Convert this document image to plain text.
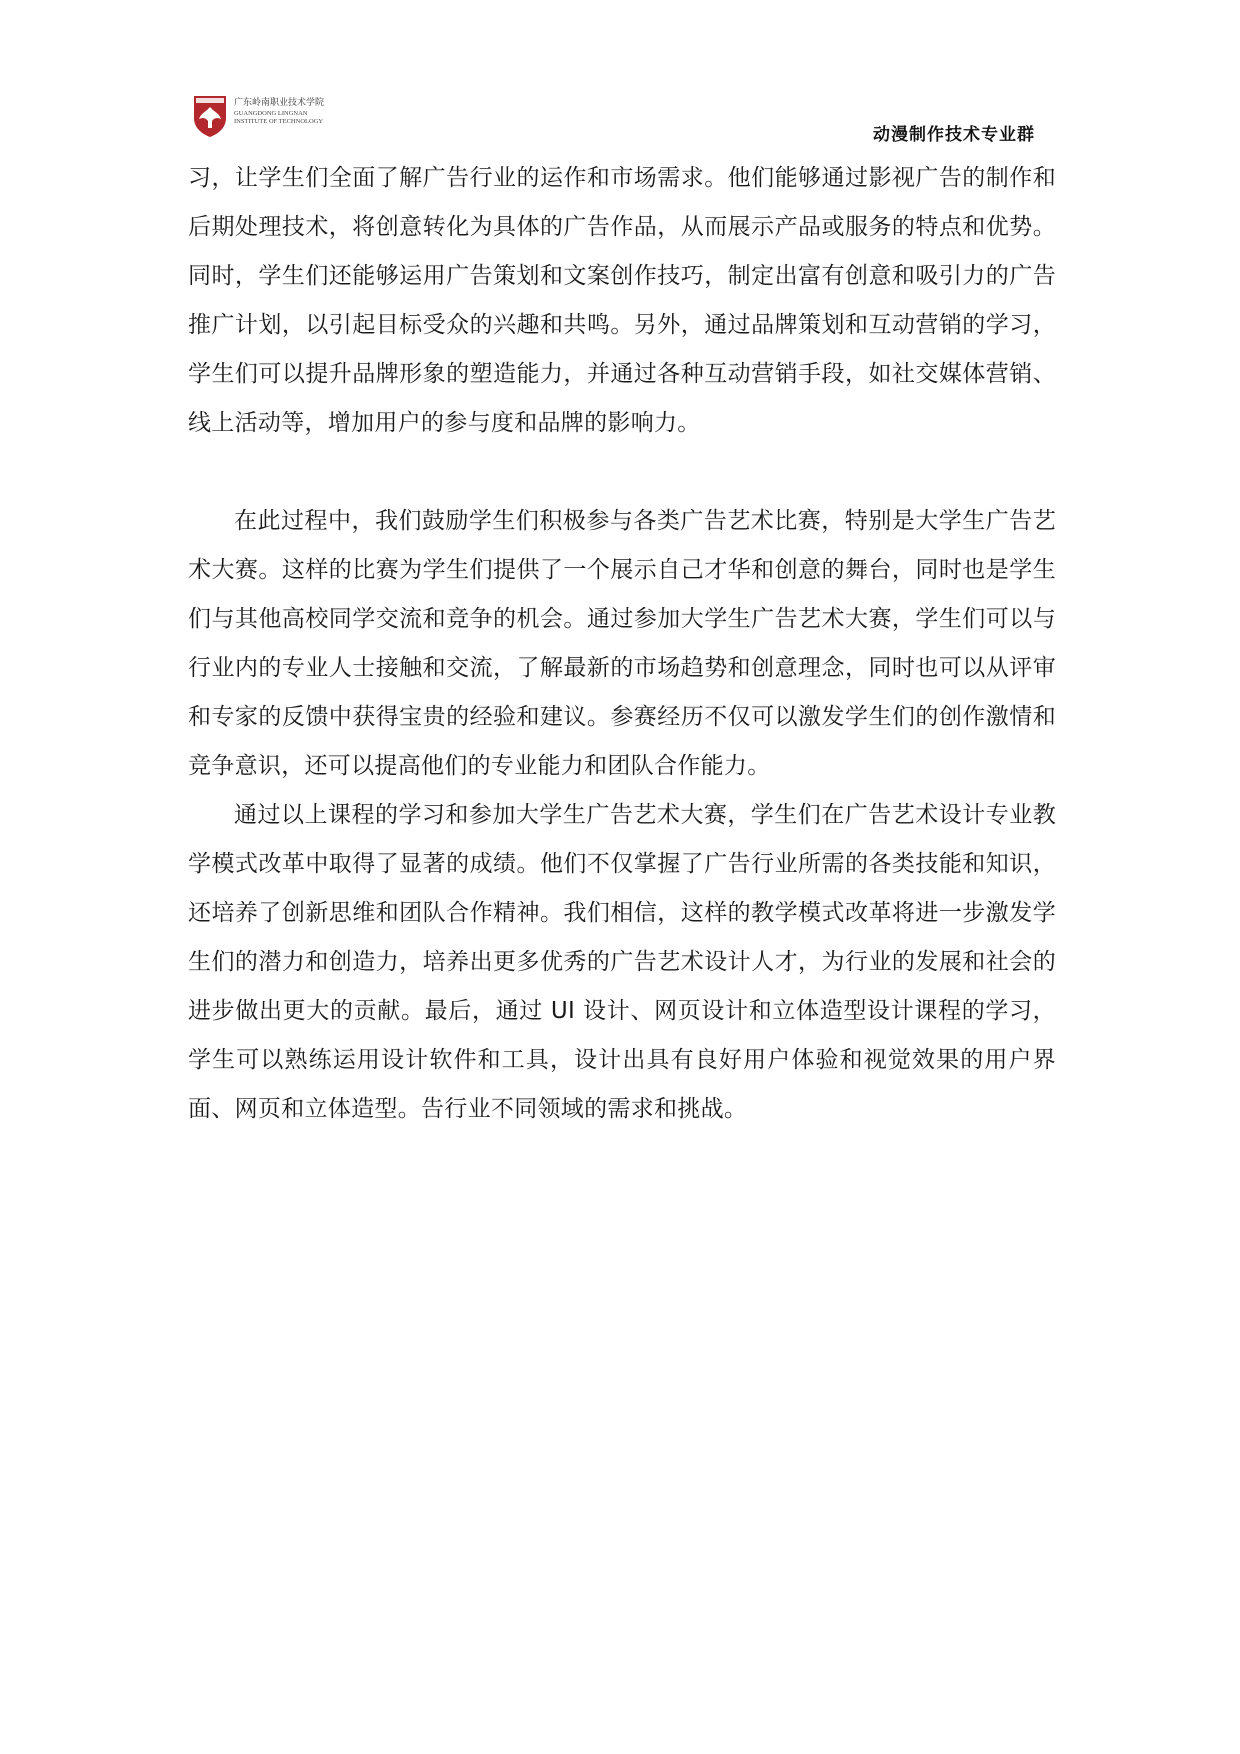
广东岭南职业技术学院
GUANGDONG LINGNAN
INSTITUTE OF TECHNOLOGY
动漫制作技术专业群

习，让学生们全面了解广告行业的运作和市场需求。他们能够通过影视广告的制作和后期处理技术，将创意转化为具体的广告作品，从而展示产品或服务的特点和优势。同时，学生们还能够运用广告策划和文案创作技巧，制定出富有创意和吸引力的广告推广计划，以引起目标受众的兴趣和共鸣。另外，通过品牌策划和互动营销的学习，学生们可以提升品牌形象的塑造能力，并通过各种互动营销手段，如社交媒体营销、线上活动等，增加用户的参与度和品牌的影响力。

在此过程中，我们鼓励学生们积极参与各类广告艺术比赛，特别是大学生广告艺术大赛。这样的比赛为学生们提供了一个展示自己才华和创意的舞台，同时也是学生们与其他高校同学交流和竞争的机会。通过参加大学生广告艺术大赛，学生们可以与行业内的专业人士接触和交流，了解最新的市场趋势和创意理念，同时也可以从评审和专家的反馈中获得宝贵的经验和建议。参赛经历不仅可以激发学生们的创作激情和竞争意识，还可以提高他们的专业能力和团队合作能力。

通过以上课程的学习和参加大学生广告艺术大赛，学生们在广告艺术设计专业教学模式改革中取得了显著的成绩。他们不仅掌握了广告行业所需的各类技能和知识，还培养了创新思维和团队合作精神。我们相信，这样的教学模式改革将进一步激发学生们的潜力和创造力，培养出更多优秀的广告艺术设计人才，为行业的发展和社会的进步做出更大的贡献。最后，通过 UI 设计、网页设计和立体造型设计课程的学习，学生可以熟练运用设计软件和工具，设计出具有良好用户体验和视觉效果的用户界面、网页和立体造型。告行业不同领域的需求和挑战。
